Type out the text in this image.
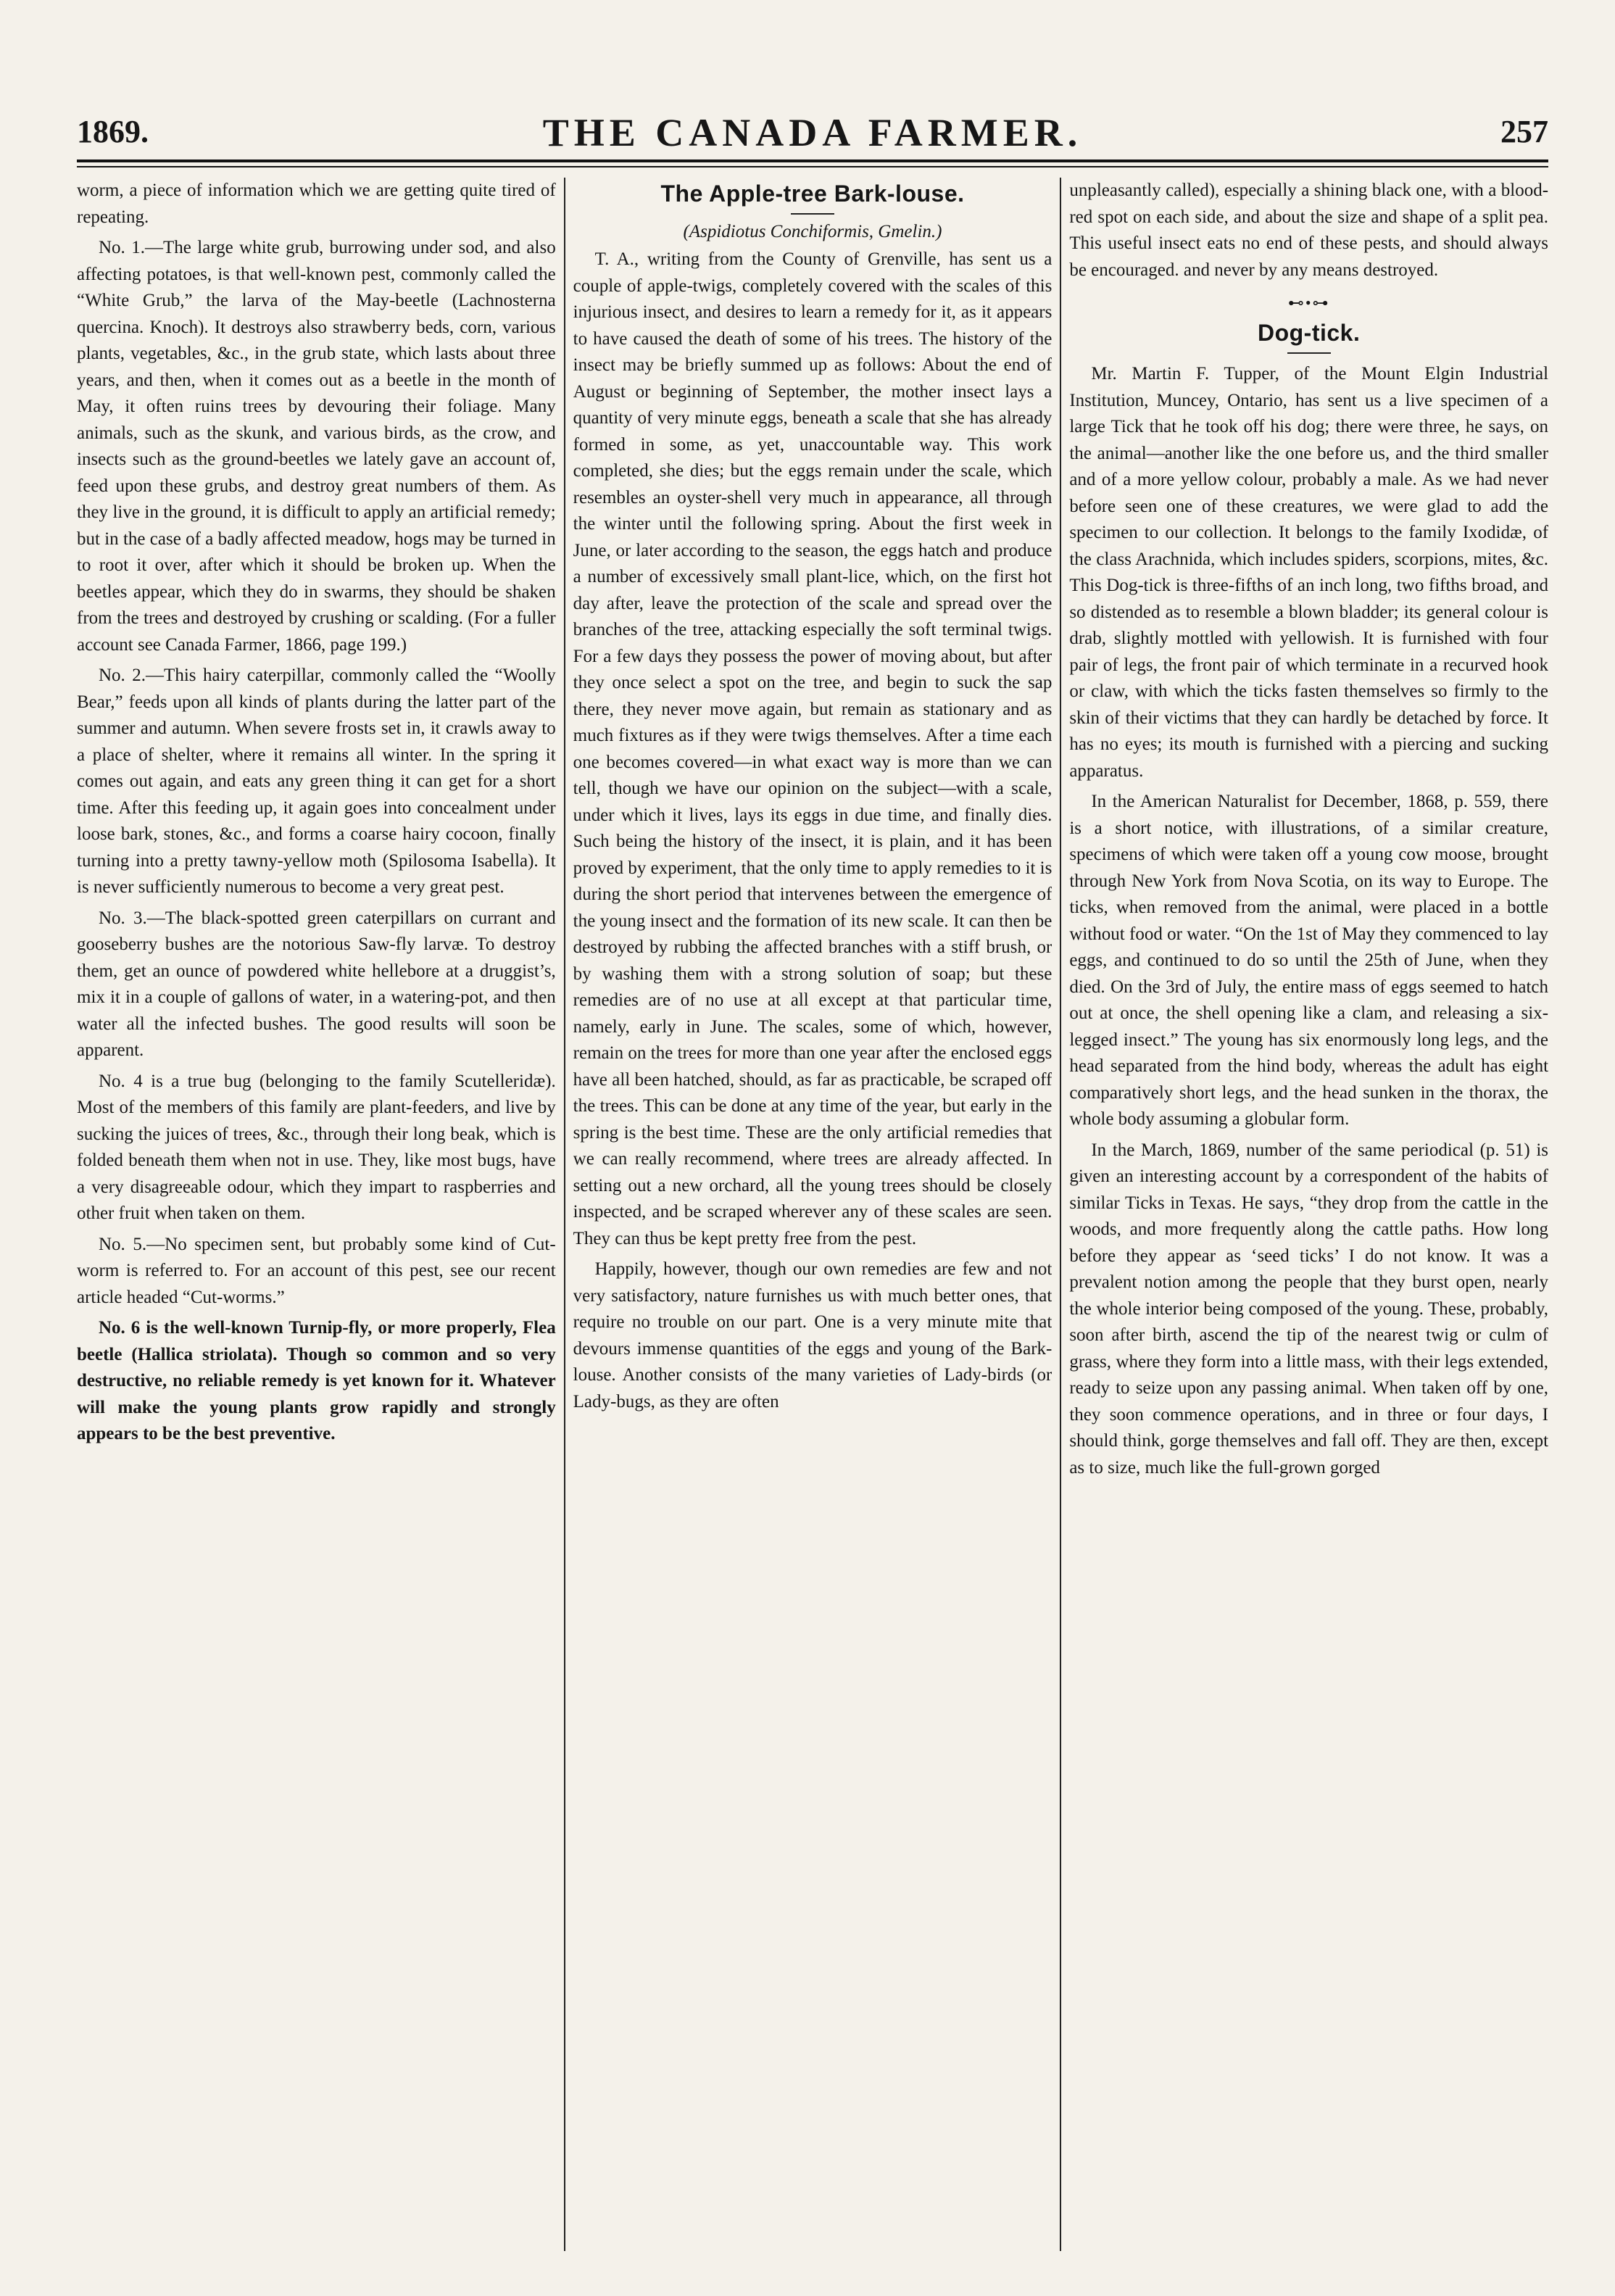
1869.	THE CANADA FARMER.	257

worm, a piece of information which we are getting quite tired of repeating.

No. 1.—The large white grub, burrowing under sod, and also affecting potatoes, is that well-known pest, commonly called the “White Grub,” the larva of the May-beetle (Lachnosterna quercina. Knoch). It destroys also strawberry beds, corn, various plants, vegetables, &c., in the grub state, which lasts about three years, and then, when it comes out as a beetle in the month of May, it often ruins trees by devouring their foliage. Many animals, such as the skunk, and various birds, as the crow, and insects such as the ground-beetles we lately gave an account of, feed upon these grubs, and destroy great numbers of them. As they live in the ground, it is difficult to apply an artificial remedy; but in the case of a badly affected meadow, hogs may be turned in to root it over, after which it should be broken up. When the beetles appear, which they do in swarms, they should be shaken from the trees and destroyed by crushing or scalding. (For a fuller account see Canada Farmer, 1866, page 199.)

No. 2.—This hairy caterpillar, commonly called the “Woolly Bear,” feeds upon all kinds of plants during the latter part of the summer and autumn. When severe frosts set in, it crawls away to a place of shelter, where it remains all winter. In the spring it comes out again, and eats any green thing it can get for a short time. After this feeding up, it again goes into concealment under loose bark, stones, &c., and forms a coarse hairy cocoon, finally turning into a pretty tawny-yellow moth (Spilosoma Isabella). It is never sufficiently numerous to become a very great pest.

No. 3.—The black-spotted green caterpillars on currant and gooseberry bushes are the notorious Saw-fly larvæ. To destroy them, get an ounce of powdered white hellebore at a druggist’s, mix it in a couple of gallons of water, in a watering-pot, and then water all the infected bushes. The good results will soon be apparent.

No. 4 is a true bug (belonging to the family Scutelleridæ). Most of the members of this family are plant-feeders, and live by sucking the juices of trees, &c., through their long beak, which is folded beneath them when not in use. They, like most bugs, have a very disagreeable odour, which they impart to raspberries and other fruit when taken on them.

No. 5.—No specimen sent, but probably some kind of Cut-worm is referred to. For an account of this pest, see our recent article headed “Cut-worms.”

No. 6 is the well-known Turnip-fly, or more properly, Flea beetle (Hallica striolata). Though so common and so very destructive, no reliable remedy is yet known for it. Whatever will make the young plants grow rapidly and strongly appears to be the best preventive.

The Apple-tree Bark-louse.
(Aspidiotus Conchiformis, Gmelin.)

T. A., writing from the County of Grenville, has sent us a couple of apple-twigs, completely covered with the scales of this injurious insect, and desires to learn a remedy for it, as it appears to have caused the death of some of his trees. The history of the insect may be briefly summed up as follows: About the end of August or beginning of September, the mother insect lays a quantity of very minute eggs, beneath a scale that she has already formed in some, as yet, unaccountable way. This work completed, she dies; but the eggs remain under the scale, which resembles an oyster-shell very much in appearance, all through the winter until the following spring. About the first week in June, or later according to the season, the eggs hatch and produce a number of excessively small plant-lice, which, on the first hot day after, leave the protection of the scale and spread over the branches of the tree, attacking especially the soft terminal twigs. For a few days they possess the power of moving about, but after they once select a spot on the tree, and begin to suck the sap there, they never move again, but remain as stationary and as much fixtures as if they were twigs themselves. After a time each one becomes covered—in what exact way is more than we can tell, though we have our opinion on the subject—with a scale, under which it lives, lays its eggs in due time, and finally dies. Such being the history of the insect, it is plain, and it has been proved by experiment, that the only time to apply remedies to it is during the short period that intervenes between the emergence of the young insect and the formation of its new scale. It can then be destroyed by rubbing the affected branches with a stiff brush, or by washing them with a strong solution of soap; but these remedies are of no use at all except at that particular time, namely, early in June. The scales, some of which, however, remain on the trees for more than one year after the enclosed eggs have all been hatched, should, as far as practicable, be scraped off the trees. This can be done at any time of the year, but early in the spring is the best time. These are the only artificial remedies that we can really recommend, where trees are already affected. In setting out a new orchard, all the young trees should be closely inspected, and be scraped wherever any of these scales are seen. They can thus be kept pretty free from the pest.

Happily, however, though our own remedies are few and not very satisfactory, nature furnishes us with much better ones, that require no trouble on our part. One is a very minute mite that devours immense quantities of the eggs and young of the Bark-louse. Another consists of the many varieties of Lady-birds (or Lady-bugs, as they are often

unpleasantly called), especially a shining black one, with a blood-red spot on each side, and about the size and shape of a split pea. This useful insect eats no end of these pests, and should always be encouraged. and never by any means destroyed.

⊷•⊶
Dog-tick.

Mr. Martin F. Tupper, of the Mount Elgin Industrial Institution, Muncey, Ontario, has sent us a live specimen of a large Tick that he took off his dog; there were three, he says, on the animal—another like the one before us, and the third smaller and of a more yellow colour, probably a male. As we had never before seen one of these creatures, we were glad to add the specimen to our collection. It belongs to the family Ixodidæ, of the class Arachnida, which includes spiders, scorpions, mites, &c. This Dog-tick is three-fifths of an inch long, two fifths broad, and so distended as to resemble a blown bladder; its general colour is drab, slightly mottled with yellowish. It is furnished with four pair of legs, the front pair of which terminate in a recurved hook or claw, with which the ticks fasten themselves so firmly to the skin of their victims that they can hardly be detached by force. It has no eyes; its mouth is furnished with a piercing and sucking apparatus.

In the American Naturalist for December, 1868, p. 559, there is a short notice, with illustrations, of a similar creature, specimens of which were taken off a young cow moose, brought through New York from Nova Scotia, on its way to Europe. The ticks, when removed from the animal, were placed in a bottle without food or water. “On the 1st of May they commenced to lay eggs, and continued to do so until the 25th of June, when they died. On the 3rd of July, the entire mass of eggs seemed to hatch out at once, the shell opening like a clam, and releasing a six-legged insect.” The young has six enormously long legs, and the head separated from the hind body, whereas the adult has eight comparatively short legs, and the head sunken in the thorax, the whole body assuming a globular form.

In the March, 1869, number of the same periodical (p. 51) is given an interesting account by a correspondent of the habits of similar Ticks in Texas. He says, “they drop from the cattle in the woods, and more frequently along the cattle paths. How long before they appear as ‘seed ticks’ I do not know. It was a prevalent notion among the people that they burst open, nearly the whole interior being composed of the young. These, probably, soon after birth, ascend the tip of the nearest twig or culm of grass, where they form into a little mass, with their legs extended, ready to seize upon any passing animal. When taken off by one, they soon commence operations, and in three or four days, I should think, gorge themselves and fall off. They are then, except as to size, much like the full-grown gorged
